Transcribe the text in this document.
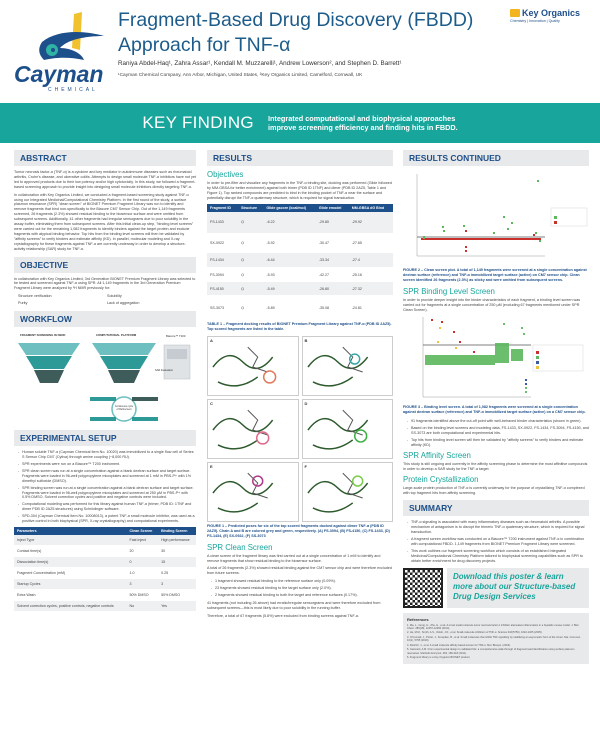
Cayman
CHEMICAL
Fragment-Based Drug Discovery (FBDD)
Approach for TNF-α
Raniya Abdel-Haq¹, Zahra Assar¹, Kendall M. Muzzarelli¹, Andrew Lowerson², and Stephen D. Barrett¹
¹Cayman Chemical Company, Ann Arbor, Michigan, United States, ²Key Organics Limited, Camelford, Cornwall, UK
Key Organics
Chemistry | Innovation | Quality
KEY FINDING Integrated computational and biophysical approaches
improve screening efficiency and finding hits in FBDD.
ABSTRACT

Tumor necrosis factor-α (TNF-α) is a cytokine and key mediator in autoimmune diseases such as rheumatoid arthritis, Crohn's disease, and ulcerative colitis. Attempts to design small molecule TNF-α inhibitors have not yet led to approved products due to their low potency and/or high cytotoxicity. In this study, we followed a fragment-based screening approach to provide insight into designing small molecule inhibitors directly targeting TNF-α.

In collaboration with Key Organics Limited, we conducted a fragment-based screening study against TNF-α using our Integrated Medicinal/Computational Chemistry Platform. In the first round of the study, a surface plasmon resonance (SPR) "clean screen" of BIONET Premium Fragment Library was run to identify and remove fragments that bind non-specifically to the Biacore CM7 Sensor Chip. Out of the 1,149 fragments screened, 26 fragments (2.3%) showed residual binding to the biosensor surface and were omitted from subsequent screens. Additionally, 41 other fragments had irregular sensograms due to poor solubility in the assay buffer, eliminating them from subsequent screens. After this initial clean-up step, "binding level screens" were carried out for the remaining 1,082 fragments to identify binders against the target protein and exclude fragments with atypical binding behavior. Top hits from the binding level screens will then be validated by "affinity screens" to verify binders and estimate affinity (KD). In parallel, molecular modeling and X-ray crystallography for these fragments against TNF-α are currently underway in order to develop a structure-activity relationship (SAR) study for TNF-α.

OBJECTIVE

In collaboration with Key Organics Limited, 3rd Generation BIONET Premium Fragment Library was selected to be tested and screened against TNF-α using SPR. All 1,149 fragments in the 3rd Generation Premium Fragment Library were analyzed by ¹H NMR previously for:

Structure verification	Solubility
Purity	Lack of aggregation
WORKFLOW
FRAGMENT SCREENING IN FBDD	COMPUTATIONAL PLATFORM	Biacore™ T200
SAR Evaluation
Continuous cycle of Refinement
EXPERIMENTAL SETUP
- Human soluble TNF-α (Cayman Chemical Item No. 10020) was immobilized to a single flow cell of Series S Sensor Chip CM7 (Cytiva) through amine coupling (~8,000 RU).
- SPR experiments were run on a Biacore™ T200 instrument.
- SPR clean screen was run at a single concentration against a blank dextran surface and target surface. Fragments were loaded in 96-well polypropylene microplates and screened at 1 mM in PBS-P+ with 1% dimethyl sulfoxide (DMSO).
- SPR binding screen was run at a single concentration against a blank dextran surface and target surface. Fragments were loaded in 96-well polypropylene microplates and screened at 250 µM in PBS-P+ with 0.5% DMSO. Solvent correction cycles and positive and negative controls were included.
- Computational modeling was performed for this library against human TNF-α (trimer, PDB ID: 1TNF and dimer PDB ID 2AZ5 structures) using Schrödinger software.
- SPD-304 (Cayman Chemical Item No. 10008013), a potent TNF-α small molecule inhibitor, was used as a positive control in both biophysical (SPR, X-ray crystallography) and computational experiments.
Parameters	Clean Screen	Binding Screen
Inject Type	Fast inject	High performance
Contact time(s)	20	30
Dissociation time(s)	0	15
Fragment Concentration (mM)	1.0	0.25
Startup Cycles	3	3
Extra Wash	50% DMSO	50% DMSO
Solvent correction cycles, positive controls, negative controls	No	Yes
RESULTS
Objectives

In order to pre-filter and visualize any fragments in the TNF-α binding site, docking was performed (Glide followed by MM-GBSA for better enrichment) against both trimer (PDB ID 1TNF) and dimer (PDB ID 2AZ5, Table 1 and Figure 1). Top ranked compounds are predicted to bind in the binding pocket of TNF-α near the surface and potentially disrupt the TNF-α quaternary structure, which is required for signal transduction.

Fragment ID	Structure	Glide gscore (kcal/mol)	Glide emodel	MM-GBSA dG Bind
FS-1433	⌬	-6.22	-29.80	-29.92
SX-0922	⌬	-5.92	-30.47	-27.65
FS-1434	⌬	-6.44	-33.34	-27.4
FS-3094	⌬	-5.93	-42.27	-25.16
FS-4150	⌬	-5.49	-26.80	-27.32
SS-3073	⌬	-5.89	-35.08	-24.81
TABLE 1 – Fragment docking results of BIONET Premium Fragment Library against TNF-α (PDB ID 2AZ5). Top scored fragments are listed in the table.
A	B
C	D
E	F
FIGURE 1 – Predicted poses for six of the top scored fragments docked against dimer TNF-α (PDB ID 2AZ5). Chain A and B are colored grey and green, respectively. (A) FS-3094, (B) FS-4150, (C) FS-1433, (D) FS-1434, (E) SX-0922, (F) SS-3073
SPR Clean Screen

A clean screen of the fragment library was first carried out at a single concentration of 1 mM to identify and remove fragments that show residual binding to the biosensor surface.

A total of 26 fragments (2.3%) showed residual binding against the CM7 sensor chip and were therefore excluded from future screens.

- 1 fragment showed residual binding to the reference surface only (0.09%).
- 23 fragments showed residual binding to the target surface only (2.0%).
- 2 fragments showed residual binding to both the target and reference surfaces (0.17%).

41 fragments (not including 26 above) had erratic/irregular sensorgrams and were therefore excluded from subsequent screens—this is most likely due to poor solubility in the running buffer.

Therefore, a total of 67 fragments (5.8%) were excluded from binding screens against TNF-α.

RESULTS CONTINUED
FIGURE 2 – Clean screen plot. A total of 1,149 fragments were screened at a single concentration against dextran surface (reference) and TNF-α immobilized target surface (active) on CM7 sensor chip. Clean screen identified 26 fragments (2.3%) as sticky and were omitted from subsequent screens.
SPR Binding Level Screen

In order to provide deeper insight into the binder characteristics of each fragment, a binding level screen was carried out for fragments at a single concentration of 250 µM (excluding 67 fragments mentioned under SPR Clean Screen).

FIGURE 3 – Binding level screen. A total of 1,082 fragments were screened at a single concentration against dextran surface (reference) and TNF-α immobilized target surface (active) on a CM7 sensor chip.
- 91 fragments identified above the cut-off point with well-behaved binder characteristics (shown in green).
- Based on the binding level screens and modeling data, FS-1433, SX-0922, FS-1434, FS-3094, FS-4150, and SS-3073 are both computational and experimental hits.
- Top hits from binding level screen will then be validated by "affinity screens" to verify binders and estimate affinity (KD).
SPR Affinity Screen

This study is still ongoing and currently in the affinity screening phase to determine the most affinitive compounds in order to develop a SAR study for the TNF-α target.

Protein Crystallization

Large-scale protein production of TNF-α is currently underway for the purpose of crystallizing TNF-α complexed with top fragment hits from affinity screening.

SUMMARY
- TNF-α signaling is associated with many inflammatory diseases such as rheumatoid arthritis. A possible mechanism of antagonism is to disrupt the trimeric TNF-α quaternary structure, which is required for signal transduction.
- A fragment screen workflow was conducted on a Biacore™ T200 instrument against TNF-α in combination with computational FBDD. 1,149 fragments from BIONET Premium Fragment Library were screened.
- This work outlines our fragment screening workflow which consists of an established Integrated Medicinal/Computational Chemistry Platform tailored to biophysical screening capabilities such as SPR to obtain better enrichment for drug discovery projects.
Download this poster & learn more about our Structure-based Drug Design Services
References
1. Ma, L., Gong, H., Zhu, H., et al. A novel small-molecule tumor necrosis factor α inhibitor attenuates inflammation in a hepatitis mouse model. J. Biol. Chem. 289(18), 12457-12466 (2014).
2. He, M.M., Smith, A.S., Oslob, J.D., et al. Small-molecule inhibition of TNF-α. Science 310(5750), 1022-1025 (2005).
3. O'Connell, J., Porter, J., Kroeplien, B., et al. Small molecules that inhibit TNF signalling by stabilising an asymmetric form of the trimer. Nat. Commun. 10(1), 5795 (2019).
4. Dietrich, J., et al. A small molecule affinity-based screen for TNF-α. Mol. Biosyst. (2016).
5. Giannetti, A.M. From experimental design to validated hits: a comprehensive walk-through of fragment lead identification using surface plasmon resonance. Methods Enzymol. 493, 169-218 (2011).
6. Fragment library is a Key Organics BIONET product.
